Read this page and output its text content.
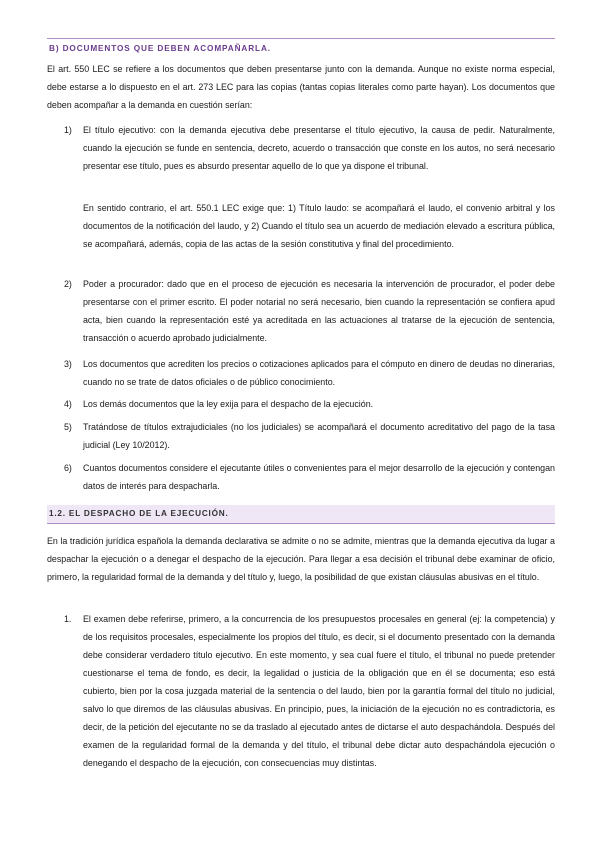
B) DOCUMENTOS QUE DEBEN ACOMPAÑARLA.
El art. 550 LEC se refiere a los documentos que deben presentarse junto con la demanda. Aunque no existe norma especial, debe estarse a lo dispuesto en el art. 273 LEC para las copias (tantas copias literales como parte hayan). Los documentos que deben acompañar a la demanda en cuestión serían:
1) El título ejecutivo: con la demanda ejecutiva debe presentarse el título ejecutivo, la causa de pedir. Naturalmente, cuando la ejecución se funde en sentencia, decreto, acuerdo o transacción que conste en los autos, no será necesario presentar ese título, pues es absurdo presentar aquello de lo que ya dispone el tribunal.
En sentido contrario, el art. 550.1 LEC exige que: 1) Título laudo: se acompañará el laudo, el convenio arbitral y los documentos de la notificación del laudo, y 2) Cuando el título sea un acuerdo de mediación elevado a escritura pública, se acompañará, además, copia de las actas de la sesión constitutiva y final del procedimiento.
2) Poder a procurador: dado que en el proceso de ejecución es necesaria la intervención de procurador, el poder debe presentarse con el primer escrito. El poder notarial no será necesario, bien cuando la representación se confiera apud acta, bien cuando la representación esté ya acreditada en las actuaciones al tratarse de la ejecución de sentencia, transacción o acuerdo aprobado judicialmente.
3) Los documentos que acrediten los precios o cotizaciones aplicados para el cómputo en dinero de deudas no dinerarias, cuando no se trate de datos oficiales o de público conocimiento.
4) Los demás documentos que la ley exija para el despacho de la ejecución.
5) Tratándose de títulos extrajudiciales (no los judiciales) se acompañará el documento acreditativo del pago de la tasa judicial (Ley 10/2012).
6) Cuantos documentos considere el ejecutante útiles o convenientes para el mejor desarrollo de la ejecución y contengan datos de interés para despacharla.
1.2. EL DESPACHO DE LA EJECUCIÓN.
En la tradición jurídica española la demanda declarativa se admite o no se admite, mientras que la demanda ejecutiva da lugar a despachar la ejecución o a denegar el despacho de la ejecución. Para llegar a esa decisión el tribunal debe examinar de oficio, primero, la regularidad formal de la demanda y del título y, luego, la posibilidad de que existan cláusulas abusivas en el título.
1. El examen debe referirse, primero, a la concurrencia de los presupuestos procesales en general (ej: la competencia) y de los requisitos procesales, especialmente los propios del título, es decir, si el documento presentado con la demanda debe considerar verdadero título ejecutivo. En este momento, y sea cual fuere el título, el tribunal no puede pretender cuestionarse el tema de fondo, es decir, la legalidad o justicia de la obligación que en él se documenta; eso está cubierto, bien por la cosa juzgada material de la sentencia o del laudo, bien por la garantía formal del título no judicial, salvo lo que diremos de las cláusulas abusivas. En principio, pues, la iniciación de la ejecución no es contradictoria, es decir, de la petición del ejecutante no se da traslado al ejecutado antes de dictarse el auto despachándola. Después del examen de la regularidad formal de la demanda y del título, el tribunal debe dictar auto despachándola ejecución o denegando el despacho de la ejecución, con consecuencias muy distintas.
